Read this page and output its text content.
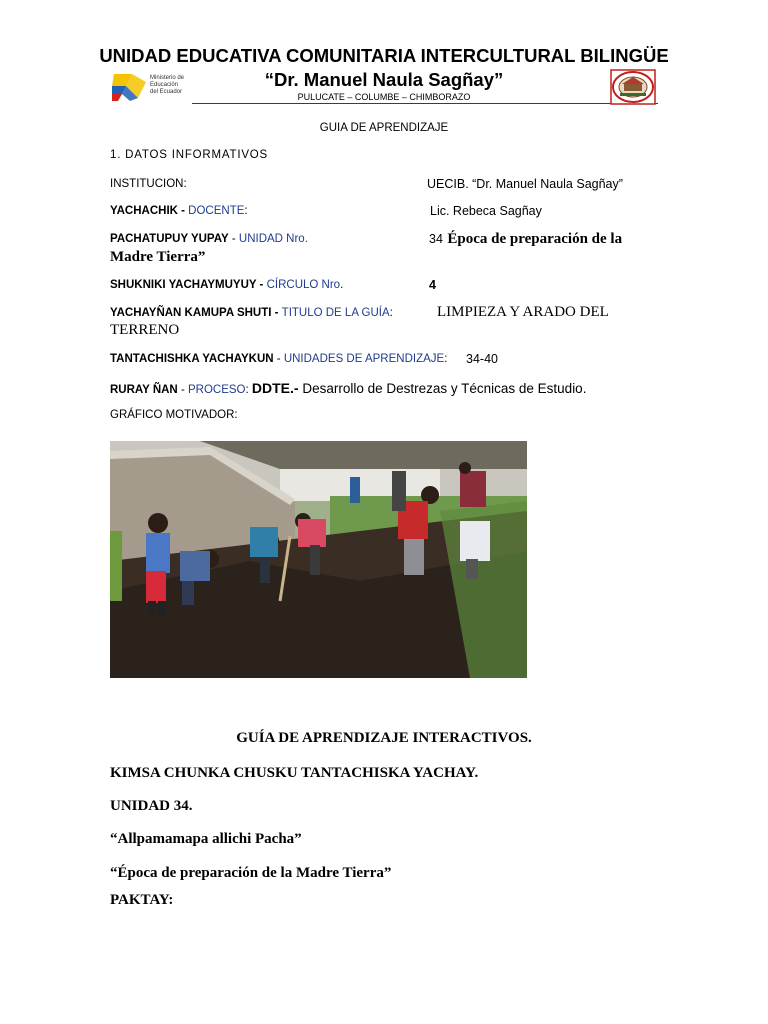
UNIDAD EDUCATIVA COMUNITARIA INTERCULTURAL BILINGÜE
“Dr. Manuel Naula Sagñay”
PULUCATE – COLUMBE – CHIMBORAZO
Ministerio de
Educación
del Ecuador
GUIA DE APRENDIZAJE
1. DATOS INFORMATIVOS
INSTITUCION:	UECIB. “Dr. Manuel Naula Sagñay”
YACHACHIK - DOCENTE:	Lic. Rebeca Sagñay
PACHATUPUY YUPAY - UNIDAD Nro.	34 Época de preparación de la
Madre Tierra”
SHUKNIKI YACHAYMUYUY - CÍRCULO Nro.	4
YACHAYÑAN KAMUPA SHUTI - TITULO DE LA GUÍA:	LIMPIEZA Y ARADO DEL
TERRENO
TANTACHISHKA YACHAYKUN - UNIDADES DE APRENDIZAJE: 34-40
RURAY ÑAN - PROCESO: DDTE.- Desarrollo de Destrezas y Técnicas de Estudio.
GRÁFICO MOTIVADOR:
GUÍA DE APRENDIZAJE INTERACTIVOS.
KIMSA CHUNKA CHUSKU TANTACHISKA YACHAY.
UNIDAD 34.
“Allpamamapa allichi Pacha”
“Época de preparación de la Madre Tierra”
PAKTAY:
